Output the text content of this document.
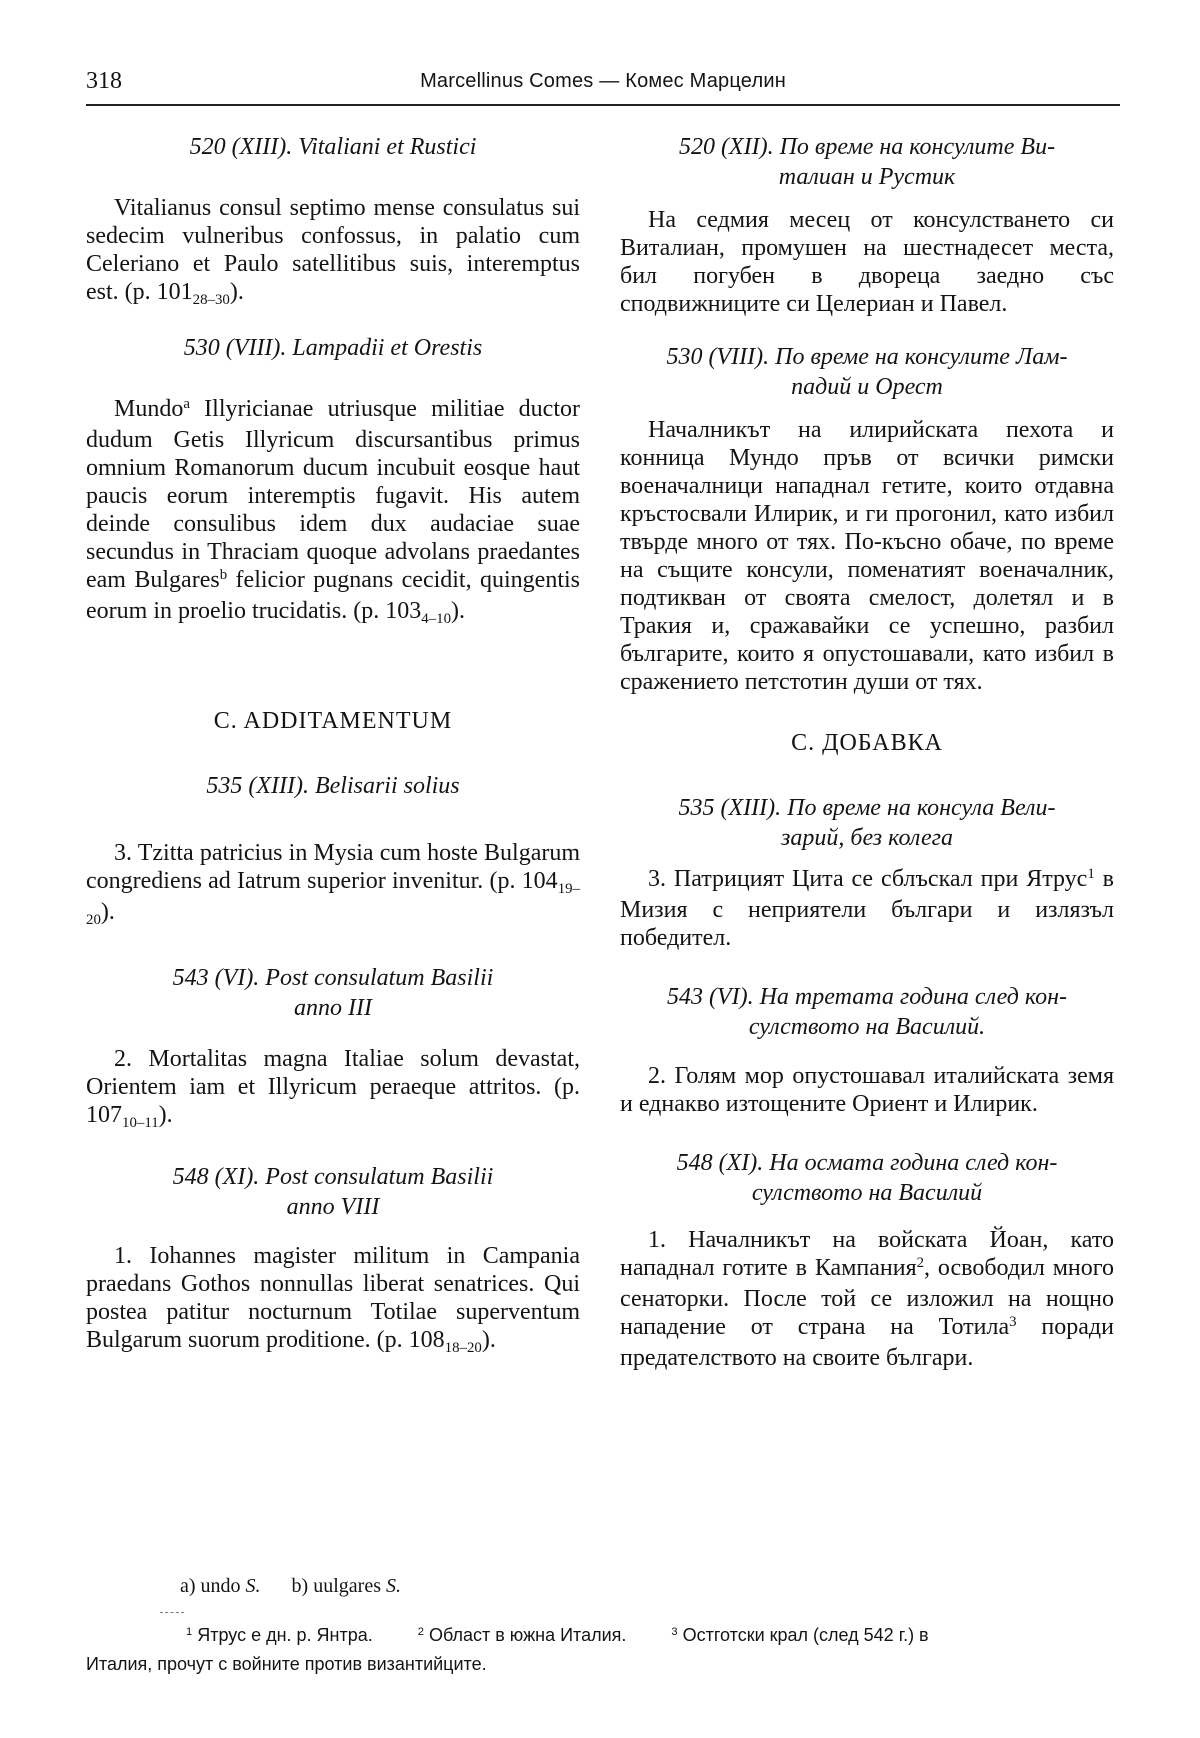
318	Marcellinus Comes — Комес Марцелин

520 (XIII). Vitaliani et Rustici

Vitalianus consul septimo mense consulatus sui sedecim vulneribus confossus, in palatio cum Celeriano et Paulo satellitibus suis, interemptus est. (p. $101_{28-30}$).

530 (VIII). Lampadii et Orestis

Mundo$^a$ Illyricianae utriusque militiae ductor dudum Getis Illyricum discursantibus primus omnium Romanorum ducum incubuit eosque haut paucis eorum interemptis fugavit. His autem deinde consulibus idem dux audaciae suae secundus in Thraciam quoque advolans praedantes eam Bulgares$^b$ felicior pugnans cecidit, quingentis eorum in proelio trucidatis. (p. $103_{4-10}$).

C. ADDITAMENTUM

535 (XIII). Belisarii solius

3. Tzitta patricius in Mysia cum hoste Bulgarum congrediens ad Iatrum superior invenitur. (p. $104_{19-20}$).

543 (VI). Post consulatum Basilii
anno III

2. Mortalitas magna Italiae solum devastat, Orientem iam et Illyricum peraeque attritos. (p. $107_{10-11}$).

548 (XI). Post consulatum Basilii
anno VIII

1. Iohannes magister militum in Campania praedans Gothos nonnullas liberat senatrices. Qui postea patitur nocturnum Totilae superventum Bulgarum suorum proditione. (p. $108_{18-20}$).

520 (XII). По време на консулите Ви-
талиан и Рустик

На седмия месец от консулстването си Виталиан, промушен на шестнадесет места, бил погубен в двореца заедно със сподвижниците си Целериан и Павел.

530 (VIII). По време на консулите Лам-
падий и Орест

Началникът на илирийската пехота и конница Мундо пръв от всички римски военачалници нападнал гетите, които отдавна кръстосвали Илирик, и ги прогонил, като избил твърде много от тях. По-късно обаче, по време на същите консули, поменатият военачалник, подтикван от своята смелост, долетял и в Тракия и, сражавайки се успешно, разбил българите, които я опустошавали, като избил в сражението петстотин души от тях.

C. ДОБАВКА

535 (XIII). По време на консула Вели-
зарий, без колега

3. Патрицият Цита се сблъскал при Ятрус$^1$ в Мизия с неприятели българи и излязъл победител.

543 (VI). На третата година след кон-
сулството на Василий.

2. Голям мор опустошавал италийската земя и еднакво изтощените Ориент и Илирик.

548 (XI). На осмата година след кон-
сулството на Василий

1. Началникът на войската Йоан, като нападнал готите в Кампания$^2$, освободил много сенаторки. После той се изложил на нощно нападение от страна на Тотила$^3$ поради предателството на своите българи.

a) undo S. b) uulgares S.
$^1$ Ятрус е дн. р. Янтра.	$^2$ Област в южна Италия.	$^3$ Остготски крал (след 542 г.) в
Италия, прочут с войните против византийците.
